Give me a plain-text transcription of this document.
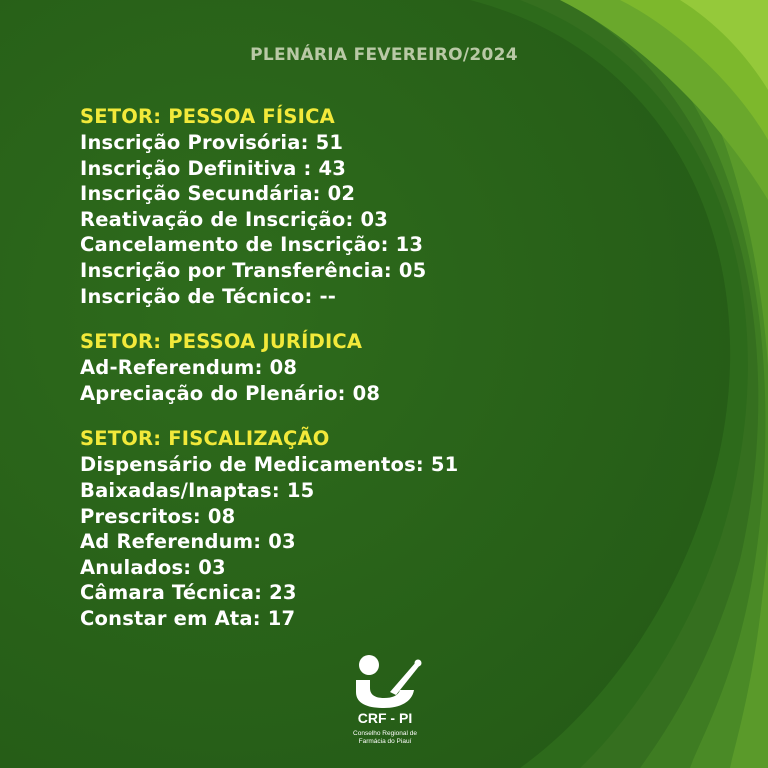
PLENÁRIA FEVEREIRO/2024
SETOR: PESSOA FÍSICA
Inscrição Provisória: 51
Inscrição Definitiva : 43
Inscrição Secundária: 02
Reativação de Inscrição: 03
Cancelamento de Inscrição: 13
Inscrição por Transferência: 05
Inscrição de Técnico: --
SETOR: PESSOA JURÍDICA
Ad-Referendum: 08
Apreciação do Plenário: 08
SETOR: FISCALIZAÇÃO
Dispensário de Medicamentos: 51
Baixadas/Inaptas: 15
Prescritos: 08
Ad Referendum: 03
Anulados: 03
Câmara Técnica: 23
Constar em Ata: 17
CRF - PI
Conselho Regional de
Farmácia do Piauí
